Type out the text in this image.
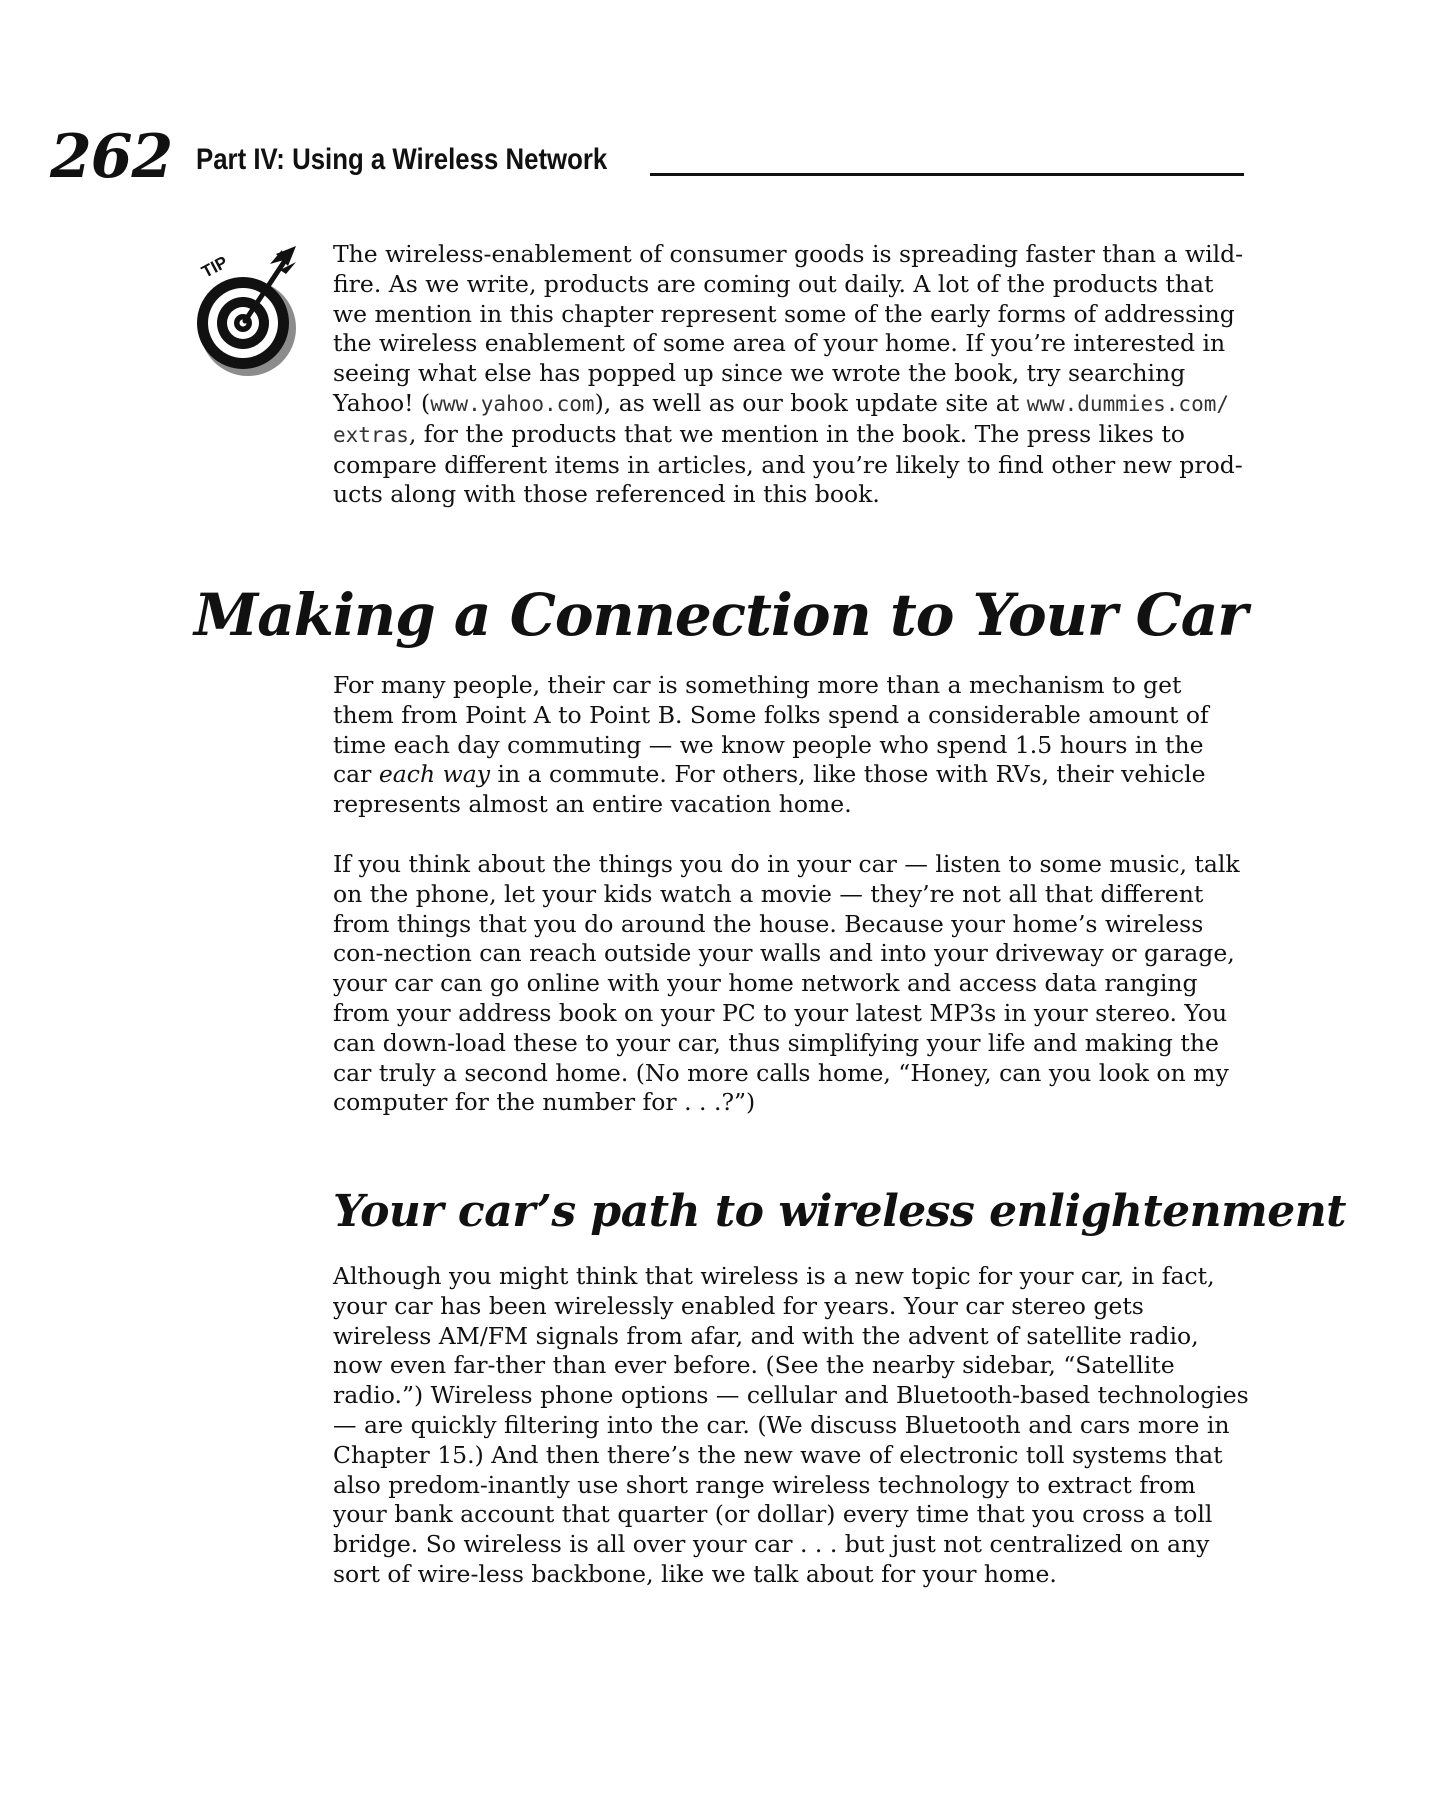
262 Part IV: Using a Wireless Network
TIP	The wireless-enablement of consumer goods is spreading faster than a wild-fire. As we write, products are coming out daily. A lot of the products that we mention in this chapter represent some of the early forms of addressing the wireless enablement of some area of your home. If you’re interested in seeing what else has popped up since we wrote the book, try searching Yahoo! (www.yahoo.com), as well as our book update site at www.dummies.com/ extras, for the products that we mention in the book. The press likes to compare different items in articles, and you’re likely to find other new prod-ucts along with those referenced in this book.

Making a Connection to Your Car

For many people, their car is something more than a mechanism to get them from Point A to Point B. Some folks spend a considerable amount of time each day commuting — we know people who spend 1.5 hours in the car each way in a commute. For others, like those with RVs, their vehicle represents almost an entire vacation home.

If you think about the things you do in your car — listen to some music, talk on the phone, let your kids watch a movie — they’re not all that different from things that you do around the house. Because your home’s wireless con-nection can reach outside your walls and into your driveway or garage, your car can go online with your home network and access data ranging from your address book on your PC to your latest MP3s in your stereo. You can down-load these to your car, thus simplifying your life and making the car truly a second home. (No more calls home, “Honey, can you look on my computer for the number for . . .?”)

Your car’s path to wireless enlightenment

Although you might think that wireless is a new topic for your car, in fact, your car has been wirelessly enabled for years. Your car stereo gets wireless AM/FM signals from afar, and with the advent of satellite radio, now even far-ther than ever before. (See the nearby sidebar, “Satellite radio.”) Wireless phone options — cellular and Bluetooth-based technologies — are quickly filtering into the car. (We discuss Bluetooth and cars more in Chapter 15.) And then there’s the new wave of electronic toll systems that also predom-inantly use short range wireless technology to extract from your bank account that quarter (or dollar) every time that you cross a toll bridge. So wireless is all over your car . . . but just not centralized on any sort of wire-less backbone, like we talk about for your home.
